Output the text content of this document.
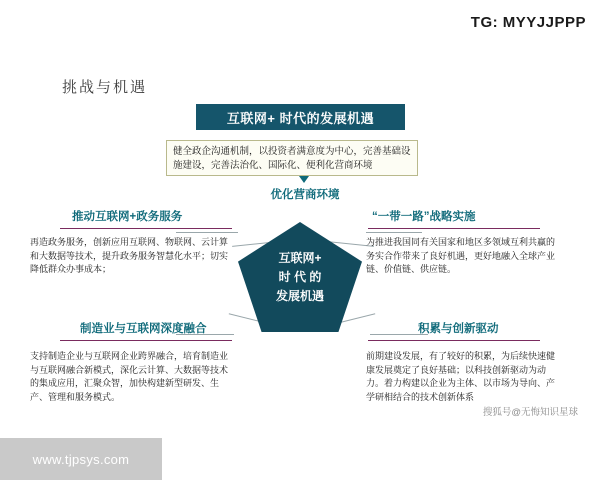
TG: MYYJJPPP
挑战与机遇
互联网+ 时代的发展机遇
健全政企沟通机制，以投资者满意度为中心，完善基础设施建设，完善法治化、国际化、便利化营商环境
优化营商环境
互联网+
时 代 的
发展机遇
推动互联网+政务服务
再造政务服务，创新应用互联网、物联网、云计算和大数据等技术，提升政务服务智慧化水平；切实降低群众办事成本；
“一带一路”战略实施
为推进我国同有关国家和地区多领域互利共赢的务实合作带来了良好机遇，更好地融入全球产业链、价值链、供应链。
制造业与互联网深度融合
支持制造企业与互联网企业跨界融合，培育制造业与互联网融合新模式，深化云计算、大数据等技术的集成应用，汇聚众智，加快构建新型研发、生产、管理和服务模式。
积累与创新驱动
前期建设发展，有了较好的积累，为后续快速健康发展奠定了良好基础；以科技创新驱动为动力。着力构建以企业为主体、以市场为导向、产学研相结合的技术创新体系
搜狐号@无悔知识星球
www.tjpsys.com
